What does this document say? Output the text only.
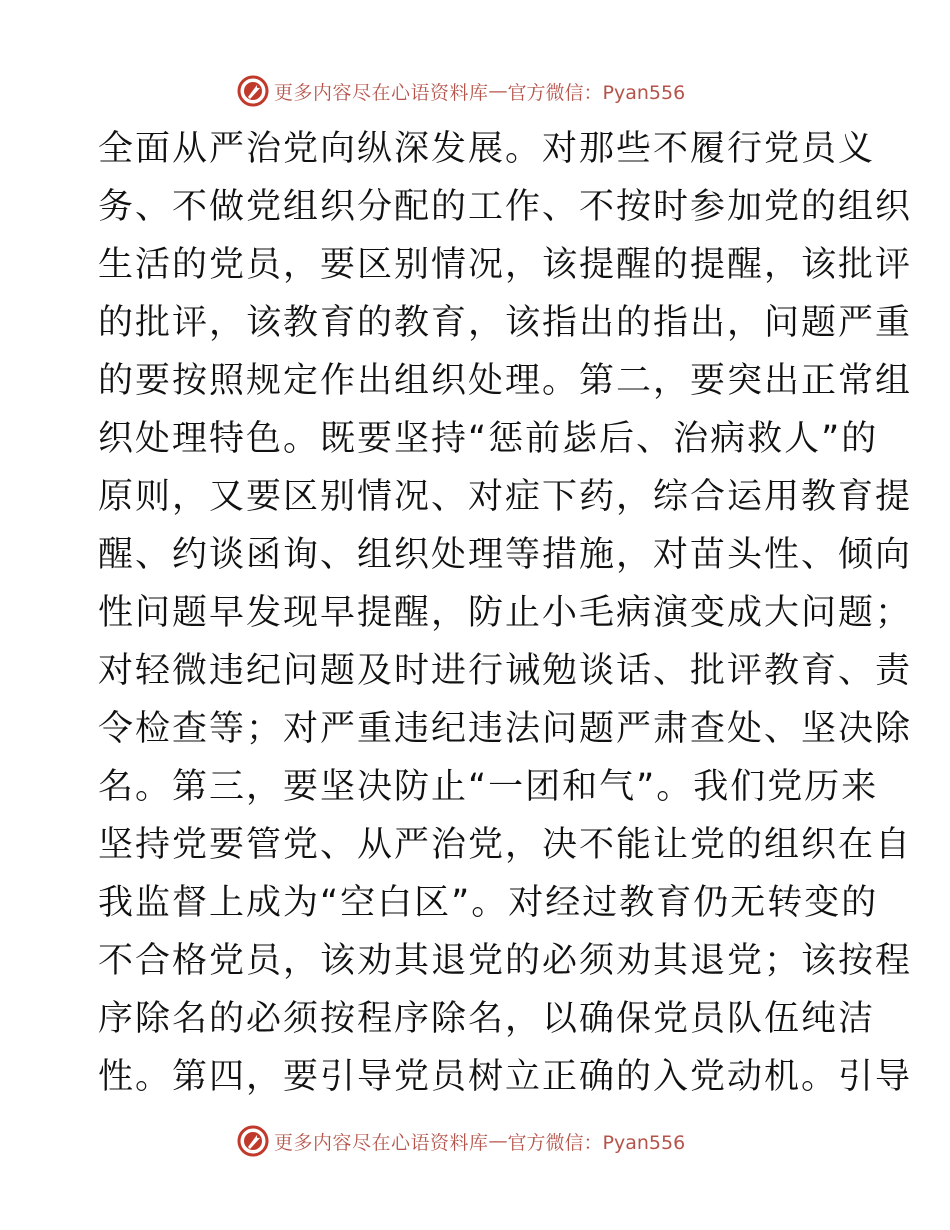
更多内容尽在心语资料库 — 官方微信：Pyan556
全面从严治党向纵深发展。对那些不履行党员义
务、不做党组织分配的工作、不按时参加党的组织
生活的党员，要区别情况，该提醒的提醒，该批评
的批评，该教育的教育，该指出的指出，问题严重
的要按照规定作出组织处理。第二，要突出正常组
织处理特色。既要坚持“惩前毖后、治病救人”的
原则，又要区别情况、对症下药，综合运用教育提
醒、约谈函询、组织处理等措施，对苗头性、倾向
性问题早发现早提醒，防止小毛病演变成大问题；
对轻微违纪问题及时进行诫勉谈话、批评教育、责
令检查等；对严重违纪违法问题严肃查处、坚决除
名。第三，要坚决防止“一团和气”。我们党历来
坚持党要管党、从严治党，决不能让党的组织在自
我监督上成为“空白区”。对经过教育仍无转变的
不合格党员，该劝其退党的必须劝其退党；该按程
序除名的必须按程序除名，以确保党员队伍纯洁
性。第四，要引导党员树立正确的入党动机。引导
更多内容尽在心语资料库 — 官方微信：Pyan556
